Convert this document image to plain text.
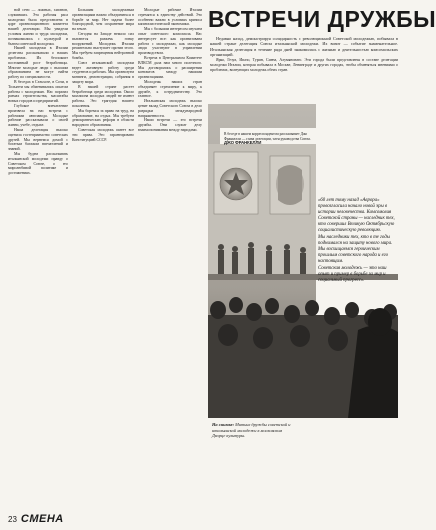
ной сети — ложных, хиганов, служивших. Эта рабочая раса молодежи была представлена в ядре организационного комитета нашей делегации. Мы увидели условия жизни и труда молодежи, познакомились с культурой и бытом советской молодежи.

Нашей молодежи в Италии делегаты рассказывали о наших проблемах. Их беспокоит постоянный рост безработицы. Многие молодые люди с высшим образованием не могут найти работу по специальности.

В беседах в Сельхозе, в Сочи, в Тольятти мы обменивались опытом работы с молодежью. Нас поразил размах строительства, масштабы новых городов и предприятий.

Глубокое впечатление произвела на нас встреча с рабочими автозавода. Молодые рабочие рассказывали о своей жизни, учебе, отдыхе.

Наша делегация высоко оценила гостеприимство советских друзей. Мы вернемся домой с богатым багажом впечатлений и знаний.

Мы будем рассказывать итальянской молодежи правду о Советском Союзе, о его миролюбивой политике и достижениях.

Большим молодежным организациям важно объединиться в борьбе за мир. Нет задачи более благородной, чем сохранение мира на земле.

Сегодня на Западе немало сил пытаются разжечь гонку вооружений. Молодежь Италии решительно выступает против этого. Мы требуем запрещения нейтронной бомбы.

Союз итальянской молодежи ведет активную работу среди студентов и рабочих. Мы организуем митинги, демонстрации, собрания в защиту мира.

В нашей стране растет безработица среди молодежи. Около миллиона молодых людей не имеют работы. Это трагедия нашего поколения.

Мы боремся за право на труд, на образование, на отдых. Мы требуем демократических реформ в области народного образования.

Советская молодежь имеет все эти права. Это гарантировано Конституцией СССР.

Молодые рабочие Италии стремятся к единству действий. Это особенно важно в условиях кризиса капиталистической экономики.

Мы с большим интересом изучаем опыт советского комсомола. Нас интересует все: как организована работа с молодежью, как молодые люди участвуют в управлении производством.

Встреча в Центральном Комитете ВЛКСМ дала нам много полезного. Мы договорились о расширении контактов между нашими организациями.

Молодежь наших стран объединяет стремление к миру, к дружбе, к сотрудничеству. Это главное.

Итальянская молодежь высоко ценит вклад Советского Союза в дело разрядки международной напряженности.

Наши встречи — это встречи дружбы. Они служат делу взаимопонимания между народами.

ВСТРЕЧИ ДРУЖБЫ

Недавно назад, демонстрируя солидарность с революционной Советской молодежью, побывала в нашей стране делегация Союза итальянской молодежи. Их визит — событие знаменательное. Итальянская делегация в течение ряда дней знакомилась с жизнью и деятельностью комсомольских организаций.

Ярко, Гезуа, Ипазо, Турин, Сиена, Алумяновато. Эти города были представлены в составе делегации молодежи Италии, которая побывала в Москве, Ленинграде и других городах, чтобы обменяться мнениями о проблемах, волнующих молодежь обеих стран.

В беседе в нашем корреспондентом рассказывает Джо Франкелли — глава делегации, член руководства Союза. ДЖО ФРАНКЕЛЛИ

«60 лет тому назад «Аврора» провозгласила начало новой эры в истории человечества. Комсомолия Советской страны — наследник тех, кто совершил Великую Октябрьскую социалистическую революцию.

Мы наследники тех, кто в те годы поднимался на защиту нового мира. Мы восхищаемся героическим прошлым советского народа и его настоящим.

Советская молодежь — это наш опыт и пример в борьбе за мир и социальный прогресс».

На снимке: Митинг дружбы советской и итальянской молодежи в московском Дворце культуры.
23 СМЕНА
